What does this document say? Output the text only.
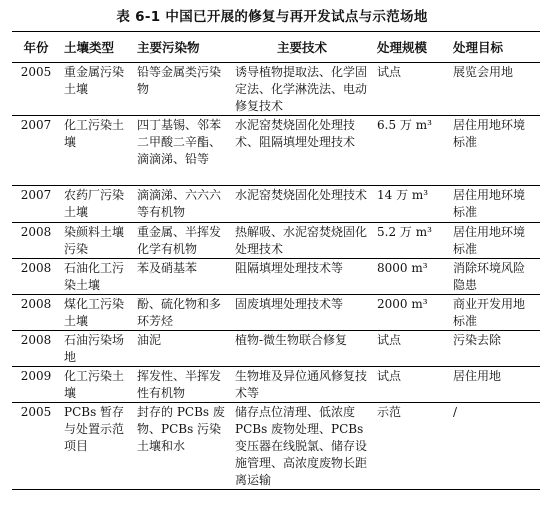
表 6-1 中国已开展的修复与再开发试点与示范场地
年份	土壤类型	主要污染物	主要技术	处理规模	处理目标
2005	重金属污染土壤	铅等金属类污染物	诱导植物提取法、化学固定法、化学淋洗法、电动修复技术	试点	展览会用地
2007	化工污染土壤	四丁基锡、邻苯二甲酸二辛酯、滴滴涕、铅等	水泥窑焚烧固化处理技术、阻隔填埋处理技术	6.5 万 m³	居住用地环境标准
2007	农药厂污染土壤	滴滴涕、六六六等有机物	水泥窑焚烧固化处理技术	14 万 m³	居住用地环境标准
2008	染颜料土壤污染	重金属、半挥发化学有机物	热解吸、水泥窑焚烧固化处理技术	5.2 万 m³	居住用地环境标准
2008	石油化工污染土壤	苯及硝基苯	阻隔填埋处理技术等	8000 m³	消除环境风险隐患
2008	煤化工污染土壤	酚、硫化物和多环芳烃	固废填埋处理技术等	2000 m³	商业开发用地标准
2008	石油污染场地	油泥	植物-微生物联合修复	试点	污染去除
2009	化工污染土壤	挥发性、半挥发性有机物	生物堆及异位通风修复技术等	试点	居住用地
2005	PCBs 暂存与处置示范项目	封存的 PCBs 废物、PCBs 污染土壤和水	储存点位清理、低浓度 PCBs 废物处理、PCBs 变压器在线脱氯、储存设施管理、高浓度废物长距离运输	示范	/
